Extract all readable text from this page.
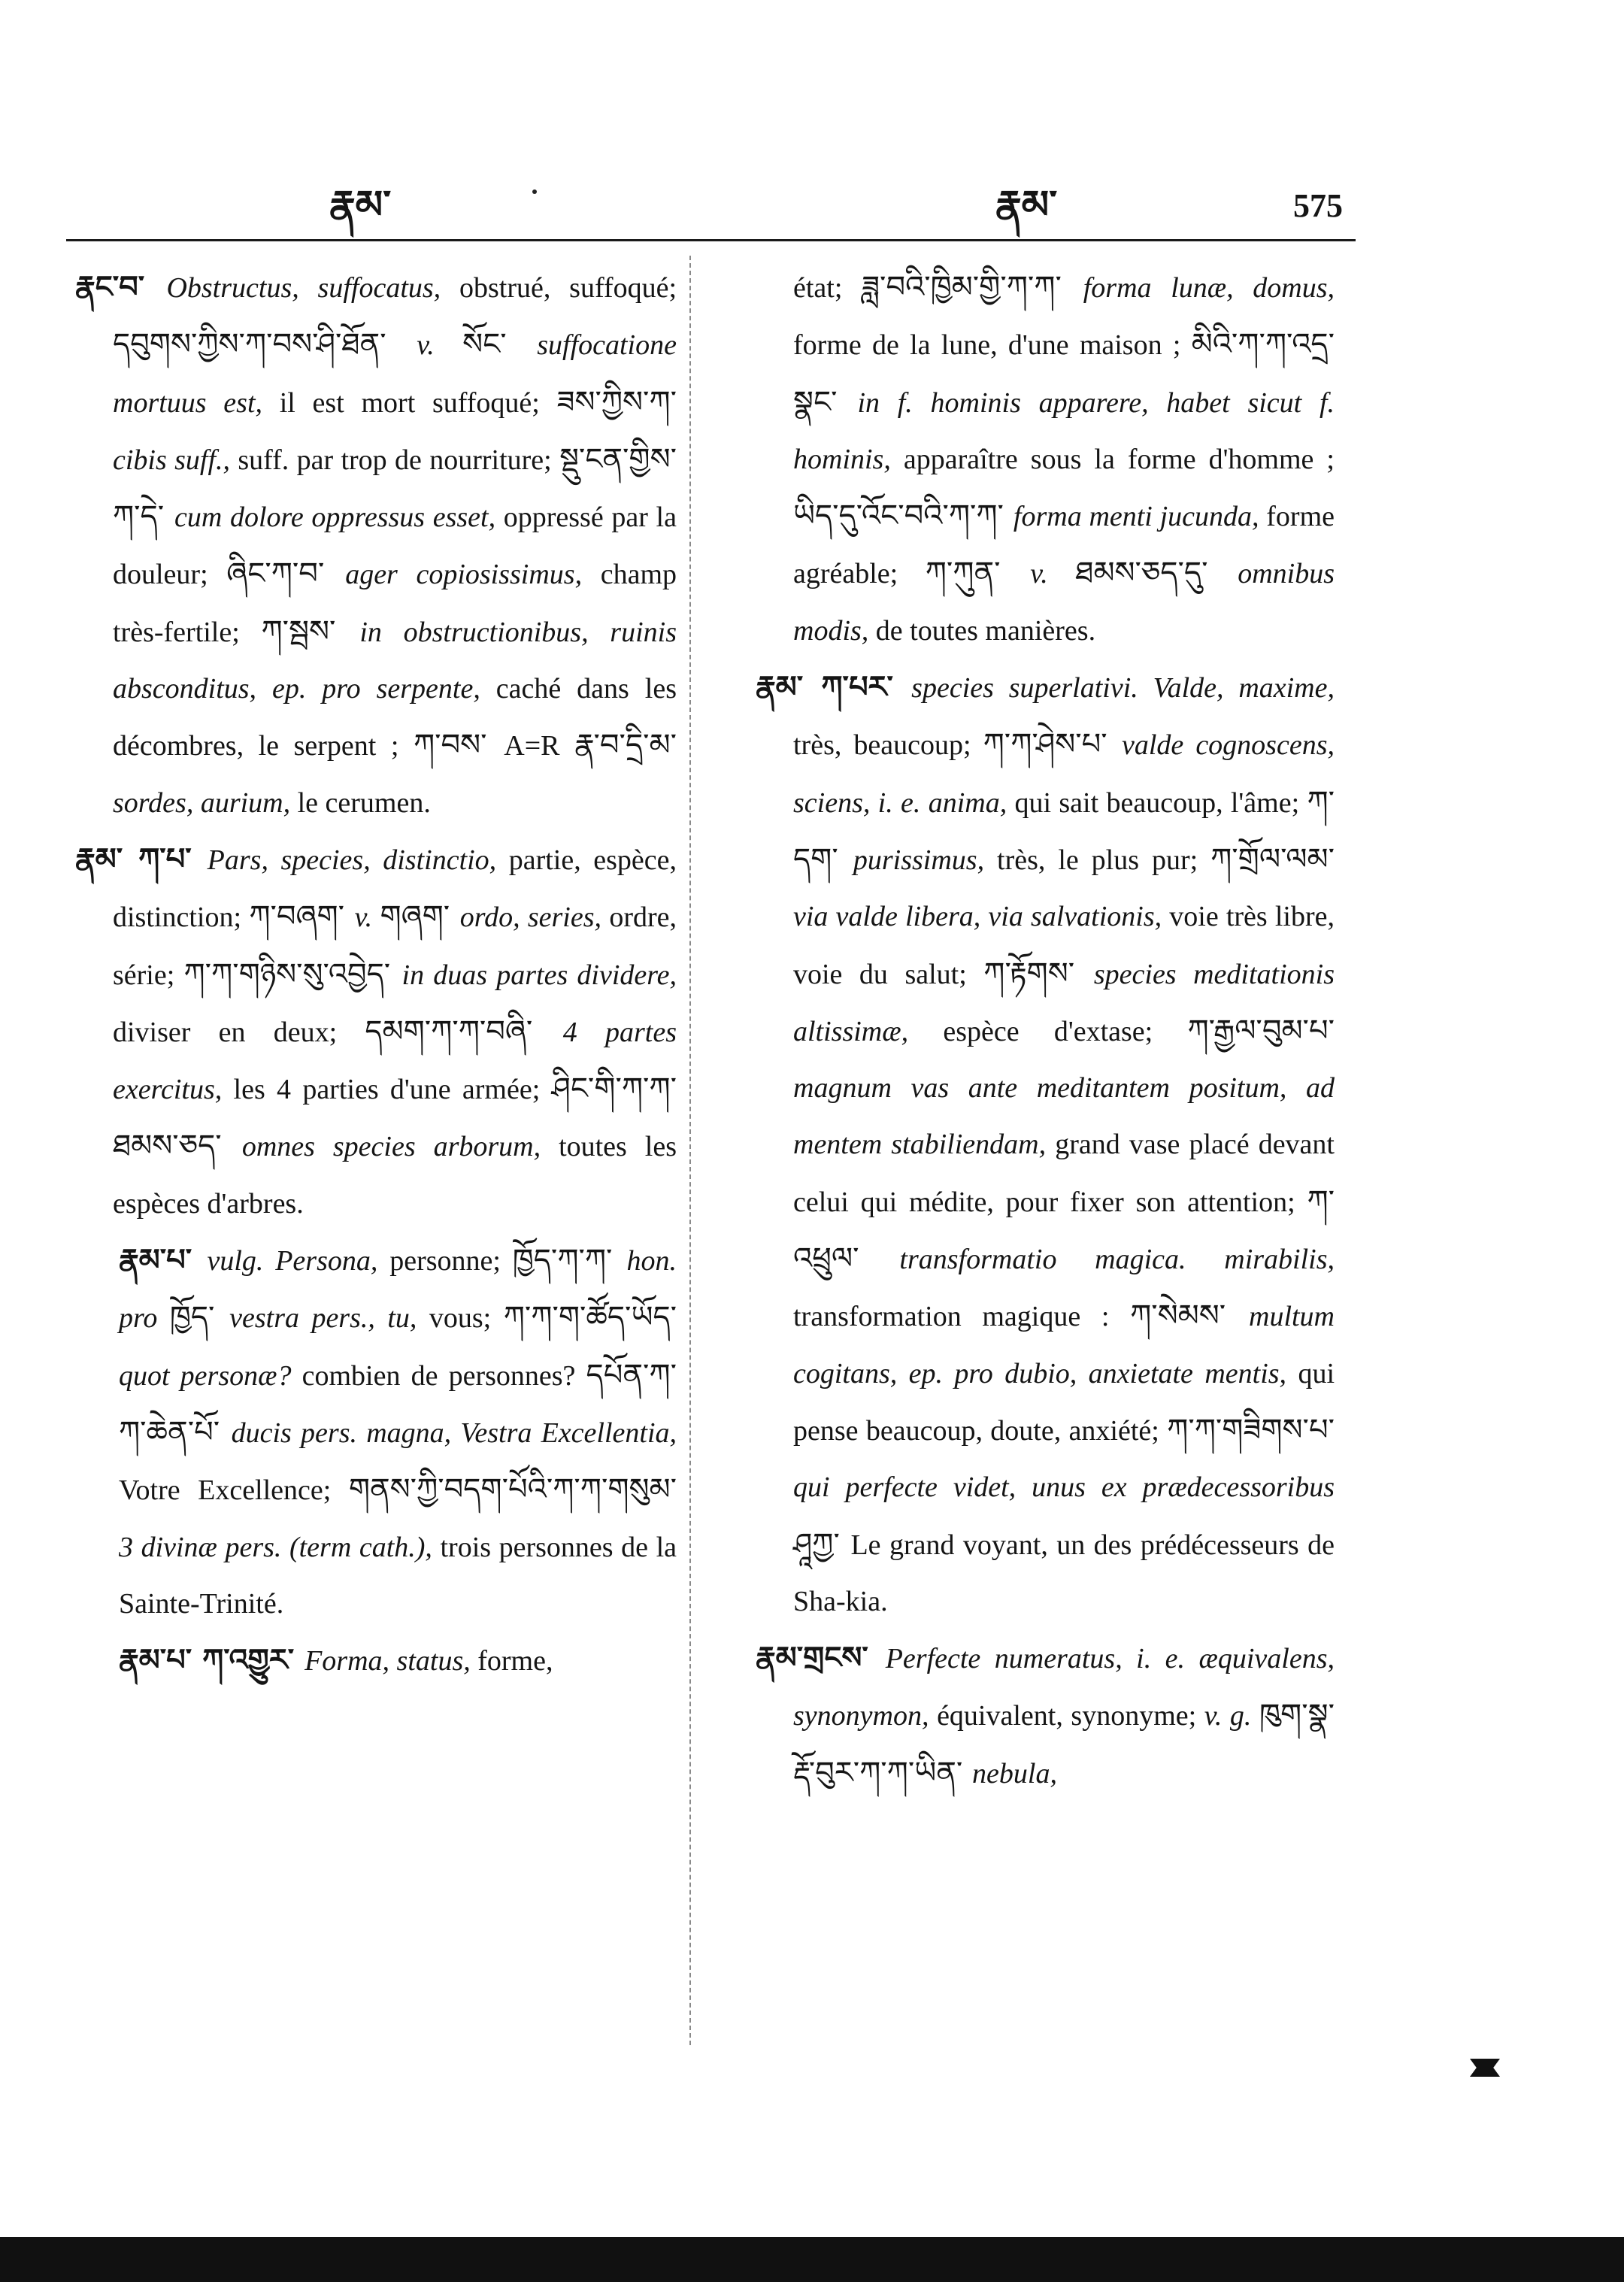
རྣམ་	རྣམ་	575
རྣང་བ་ Obstructus, suffocatus, obstrué, suffoqué; དབུགས་ཀྱིས་ཀ་བས་ཤི་ཐོན་ v. སོང་ suffocatione mortuus est, il est mort suffoqué; ཟས་ཀྱིས་ཀ་ cibis suff., suff. par trop de nourriture; སྡུ་ངན་གྱིས་ཀ་དེ་ cum dolore oppressus esset, oppressé par la douleur; ཞིང་ཀ་བ་ ager copiosissimus, champ très-fertile; ཀ་སྦས་ in obstructionibus, ruinis absconditus, ep. pro serpente, caché dans les décombres, le serpent ; ཀ་བས་ A=R རྣ་བ་དྲི་མ་ sordes, aurium, le cerumen.
རྣམ་ ཀ་པ་ Pars, species, distinctio, partie, espèce, distinction; ཀ་བཞག་ v. གཞག་ ordo, series, ordre, série; ཀ་ཀ་གཉིས་སུ་འབྱེད་ in duas partes dividere, diviser en deux; དམག་ཀ་ཀ་བཞི་ 4 partes exercitus, les 4 parties d'une armée; ཤིང་གི་ཀ་ཀ་ཐམས་ཅད་ omnes species arborum, toutes les espèces d'arbres.
རྣམ་པ་ vulg. Persona, personne; ཁྱོད་ཀ་ཀ་ hon. pro ཁྱོད་ vestra pers., tu, vous; ཀ་ཀ་ག་ཚོད་ཡོད་ quot personæ? combien de personnes? དཔོན་ཀ་ཀ་ཆེན་པོ་ ducis pers. magna, Vestra Excellentia, Votre Excellence; གནས་ཀྱི་བདག་པོའི་ཀ་ཀ་གསུམ་ 3 divinæ pers. (term cath.), trois personnes de la Sainte-Trinité.
རྣམ་པ་ ཀ་འགྱུར་ Forma, status, forme,
état; ཟླ་བའི་ཁྱིམ་གྱི་ཀ་ཀ་ forma lunæ, domus, forme de la lune, d'une maison ; མིའི་ཀ་ཀ་འདྲ་སྣང་ in f. hominis apparere, habet sicut f. hominis, apparaître sous la forme d'homme ; ཡིད་དུ་འོང་བའི་ཀ་ཀ་ forma menti jucunda, forme agréable; ཀ་ཀུན་ v. ཐམས་ཅད་དུ་ omnibus modis, de toutes manières.
རྣམ་ ཀ་པར་ species superlativi. Valde, maxime, très, beaucoup; ཀ་ཀ་ཤེས་པ་ valde cognoscens, sciens, i. e. anima, qui sait beaucoup, l'âme; ཀ་དག་ purissimus, très, le plus pur; ཀ་གྲོལ་ལམ་ via valde libera, via salvationis, voie très libre, voie du salut; ཀ་རྟོགས་ species meditationis altissimæ, espèce d'extase; ཀ་རྒྱལ་བུམ་པ་ magnum vas ante meditantem positum, ad mentem stabiliendam, grand vase placé devant celui qui médite, pour fixer son attention; ཀ་འཕྲུལ་ transformatio magica. mirabilis, transformation magique : ཀ་སེམས་ multum cogitans, ep. pro dubio, anxietate mentis, qui pense beaucoup, doute, anxiété; ཀ་ཀ་གཟིགས་པ་ qui perfecte videt, unus ex prædecessoribus ཤཱཀྱ་ Le grand voyant, un des prédécesseurs de Sha-kia.
རྣམ་གྲངས་ Perfecte numeratus, i. e. æquivalens, synonymon, équivalent, synonyme; v. g. ཁུག་སྣ་རྡོ་བུར་ཀ་ཀ་ཡིན་ nebula,
